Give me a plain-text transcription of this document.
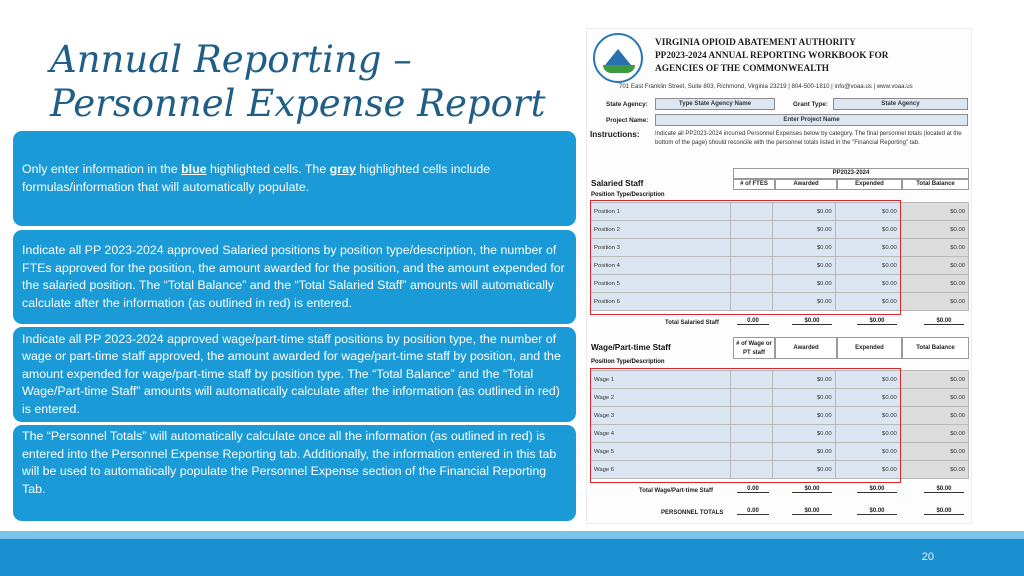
Annual Reporting –
Personnel Expense Report

Only enter information in the blue highlighted cells. The gray highlighted cells include formulas/information that will automatically populate.

Indicate all PP 2023-2024 approved Salaried positions by position type/description, the number of FTEs approved for the position, the amount awarded for the position, and the amount expended for the salaried position. The “Total Balance” and the “Total Salaried Staff” amounts will automatically calculate after the information (as outlined in red) is entered.

Indicate all PP 2023-2024 approved wage/part-time staff positions by position type, the number of wage or part-time staff approved, the amount awarded for wage/part-time staff by position, and the amount expended for wage/part-time staff by position type. The “Total Balance” and the “Total Wage/Part-time Staff” amounts will automatically calculate after the information (as outlined in red) is entered.

The “Personnel Totals” will automatically calculate once all the information (as outlined in red) is entered into the Personnel Expense Reporting tab. Additionally, the information entered in this tab will be used to automatically populate the Personnel Expense section of the Financial Reporting Tab.

VIRGINIA OPIOID ABATEMENT AUTHORITY
PP2023-2024 ANNUAL REPORTING WORKBOOK FOR
AGENCIES OF THE COMMONWEALTH
701 East Franklin Street, Suite 803, Richmond, Virginia 23219 | 804-500-1810 | info@voaa.us | www.voaa.us
State Agency:	Type State Agency Name	Grant Type:	State Agency
Project Name:	Enter Project Name
Instructions:	Indicate all PP2023-2024 incurred Personnel Expenses below by category. The final personnel totals (located at the bottom of the page) should reconcile with the personnel totals listed in the "Financial Reporting" tab.
PP2023-2024
Salaried Staff
Position Type/Description
# of FTES	Awarded	Expended	Total Balance
Position 1		$0.00	$0.00	$0.00
Position 2		$0.00	$0.00	$0.00
Position 3		$0.00	$0.00	$0.00
Position 4		$0.00	$0.00	$0.00
Position 5		$0.00	$0.00	$0.00
Position 6		$0.00	$0.00	$0.00
Total Salaried Staff	0.00	$0.00	$0.00	$0.00
Wage/Part-time Staff
Position Type/Description
# of Wage or
PT staff
Awarded	Expended	Total Balance
Wage 1		$0.00	$0.00	$0.00
Wage 2		$0.00	$0.00	$0.00
Wage 3		$0.00	$0.00	$0.00
Wage 4		$0.00	$0.00	$0.00
Wage 5		$0.00	$0.00	$0.00
Wage 6		$0.00	$0.00	$0.00
Total Wage/Part-time Staff	0.00	$0.00	$0.00	$0.00
PERSONNEL TOTALS	0.00	$0.00	$0.00	$0.00
20
